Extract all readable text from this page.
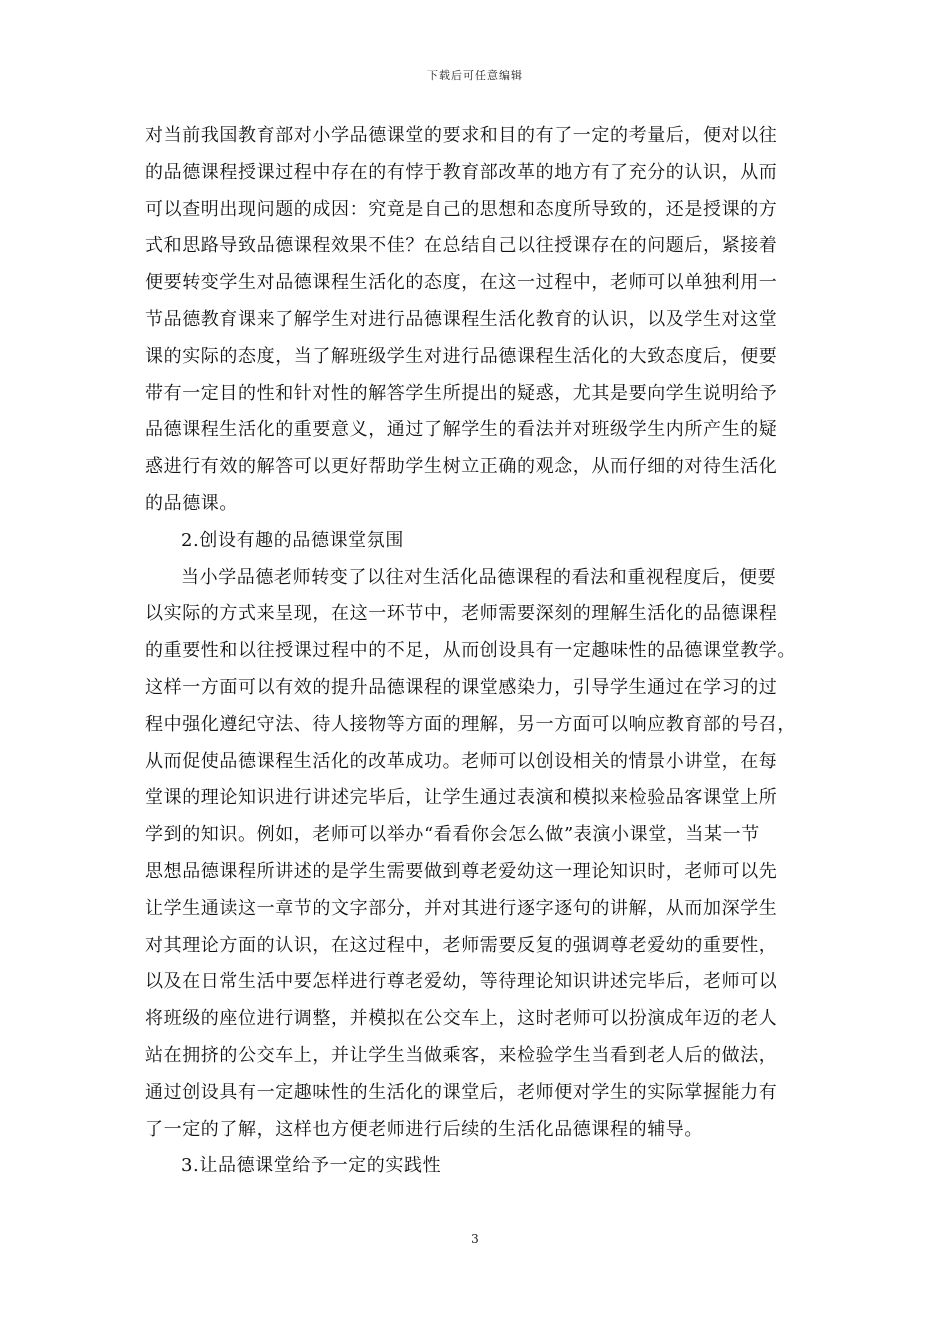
下载后可任意编辑
对当前我国教育部对小学品德课堂的要求和目的有了一定的考量后，便对以往
的品德课程授课过程中存在的有悖于教育部改革的地方有了充分的认识，从而
可以查明出现问题的成因：究竟是自己的思想和态度所导致的，还是授课的方
式和思路导致品德课程效果不佳？在总结自己以往授课存在的问题后，紧接着
便要转变学生对品德课程生活化的态度，在这一过程中，老师可以单独利用一
节品德教育课来了解学生对进行品德课程生活化教育的认识，以及学生对这堂
课的实际的态度，当了解班级学生对进行品德课程生活化的大致态度后，便要
带有一定目的性和针对性的解答学生所提出的疑惑，尤其是要向学生说明给予
品德课程生活化的重要意义，通过了解学生的看法并对班级学生内所产生的疑
惑进行有效的解答可以更好帮助学生树立正确的观念，从而仔细的对待生活化
的品德课。
2.创设有趣的品德课堂氛围
当小学品德老师转变了以往对生活化品德课程的看法和重视程度后，便要
以实际的方式来呈现，在这一环节中，老师需要深刻的理解生活化的品德课程
的重要性和以往授课过程中的不足，从而创设具有一定趣味性的品德课堂教学。
这样一方面可以有效的提升品德课程的课堂感染力，引导学生通过在学习的过
程中强化遵纪守法、待人接物等方面的理解，另一方面可以响应教育部的号召，
从而促使品德课程生活化的改革成功。老师可以创设相关的情景小讲堂，在每
堂课的理论知识进行讲述完毕后，让学生通过表演和模拟来检验品客课堂上所
学到的知识。例如，老师可以举办“看看你会怎么做”表演小课堂，当某一节
思想品德课程所讲述的是学生需要做到尊老爱幼这一理论知识时，老师可以先
让学生通读这一章节的文字部分，并对其进行逐字逐句的讲解，从而加深学生
对其理论方面的认识，在这过程中，老师需要反复的强调尊老爱幼的重要性，
以及在日常生活中要怎样进行尊老爱幼，等待理论知识讲述完毕后，老师可以
将班级的座位进行调整，并模拟在公交车上，这时老师可以扮演成年迈的老人
站在拥挤的公交车上，并让学生当做乘客，来检验学生当看到老人后的做法，
通过创设具有一定趣味性的生活化的课堂后，老师便对学生的实际掌握能力有
了一定的了解，这样也方便老师进行后续的生活化品德课程的辅导。
3.让品德课堂给予一定的实践性
3
